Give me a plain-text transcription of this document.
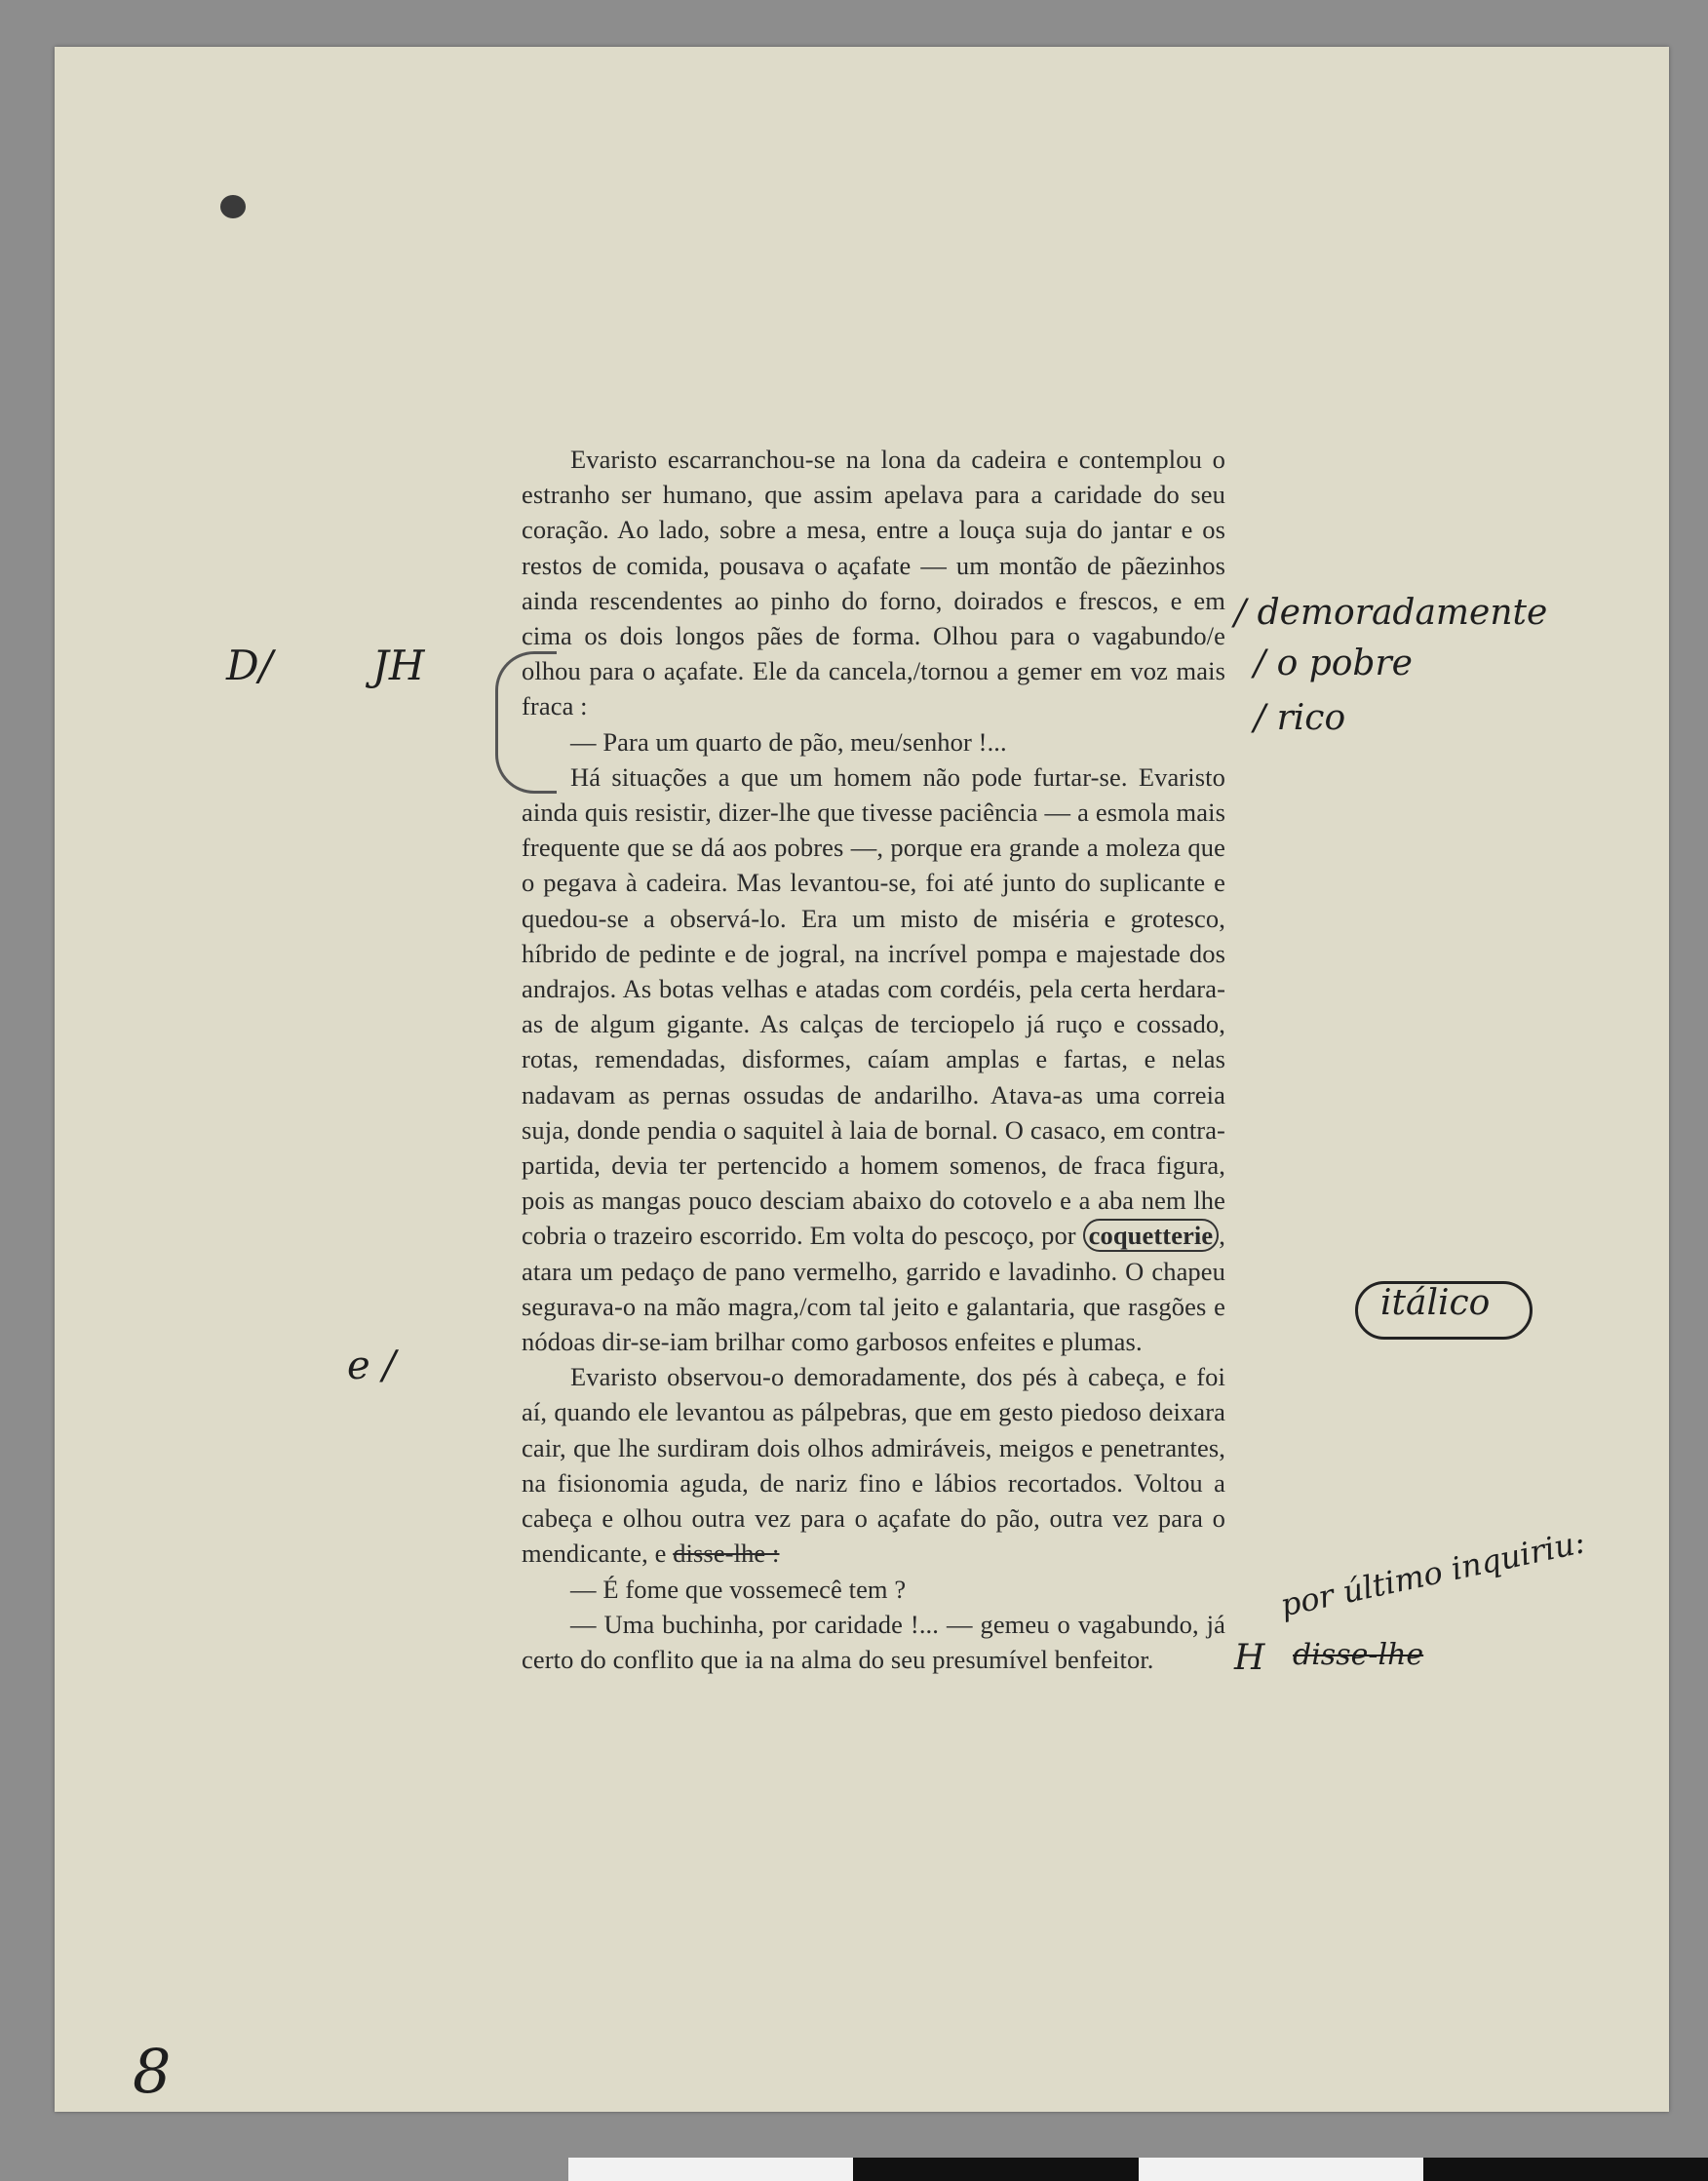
Evaristo escarranchou-se na lona da cadeira e contemplou o estranho ser humano, que assim apelava para a caridade do seu coração. Ao lado, sobre a mesa, entre a louça suja do jantar e os restos de comida, pousava o açafate — um montão de pãezinhos ainda rescendentes ao pinho do forno, doirados e frescos, e em cima os dois longos pães de forma. Olhou para o vagabundo/e olhou para o açafate. Ele da cancela,/tornou a gemer em voz mais fraca :

— Para um quarto de pão, meu/senhor !...

Há situações a que um homem não pode furtar-se. Evaristo ainda quis resistir, dizer-lhe que tivesse paciência — a esmola mais frequente que se dá aos pobres —, porque era grande a moleza que o pegava à cadeira. Mas levantou-se, foi até junto do suplicante e quedou-se a observá-lo. Era um misto de miséria e grotesco, híbrido de pedinte e de jogral, na incrível pompa e majestade dos andrajos. As botas velhas e atadas com cordéis, pela certa herdara-as de algum gigante. As calças de terciopelo já ruço e cossado, rotas, remendadas, disformes, caíam amplas e fartas, e nelas nadavam as pernas ossudas de andarilho. Atava-as uma correia suja, donde pendia o saquitel à laia de bornal. O casaco, em contra-partida, devia ter pertencido a homem somenos, de fraca figura, pois as mangas pouco desciam abaixo do cotovelo e a aba nem lhe cobria o trazeiro escorrido. Em volta do pescoço, por coquetterie , atara um pedaço de pano vermelho, garrido e lavadinho. O chapeu segurava-o na mão magra,/com tal jeito e galantaria, que rasgões e nódoas dir-se-iam brilhar como garbosos enfeites e plumas.

Evaristo observou-o demoradamente, dos pés à cabeça, e foi aí, quando ele levantou as pálpebras, que em gesto piedoso deixara cair, que lhe surdiram dois olhos admiráveis, meigos e penetrantes, na fisionomia aguda, de nariz fino e lábios recortados. Voltou a cabeça e olhou outra vez para o açafate do pão, outra vez para o mendicante, e disse-lhe :

— É fome que vossemecê tem ?

— Uma buchinha, por caridade !... — gemeu o vagabundo, já certo do conflito que ia na alma do seu presumível benfeitor.

D/ JH
e /
/ demoradamente
/ o pobre
/ rico
itálico
por último inquiriu:
H disse-lhe
8
